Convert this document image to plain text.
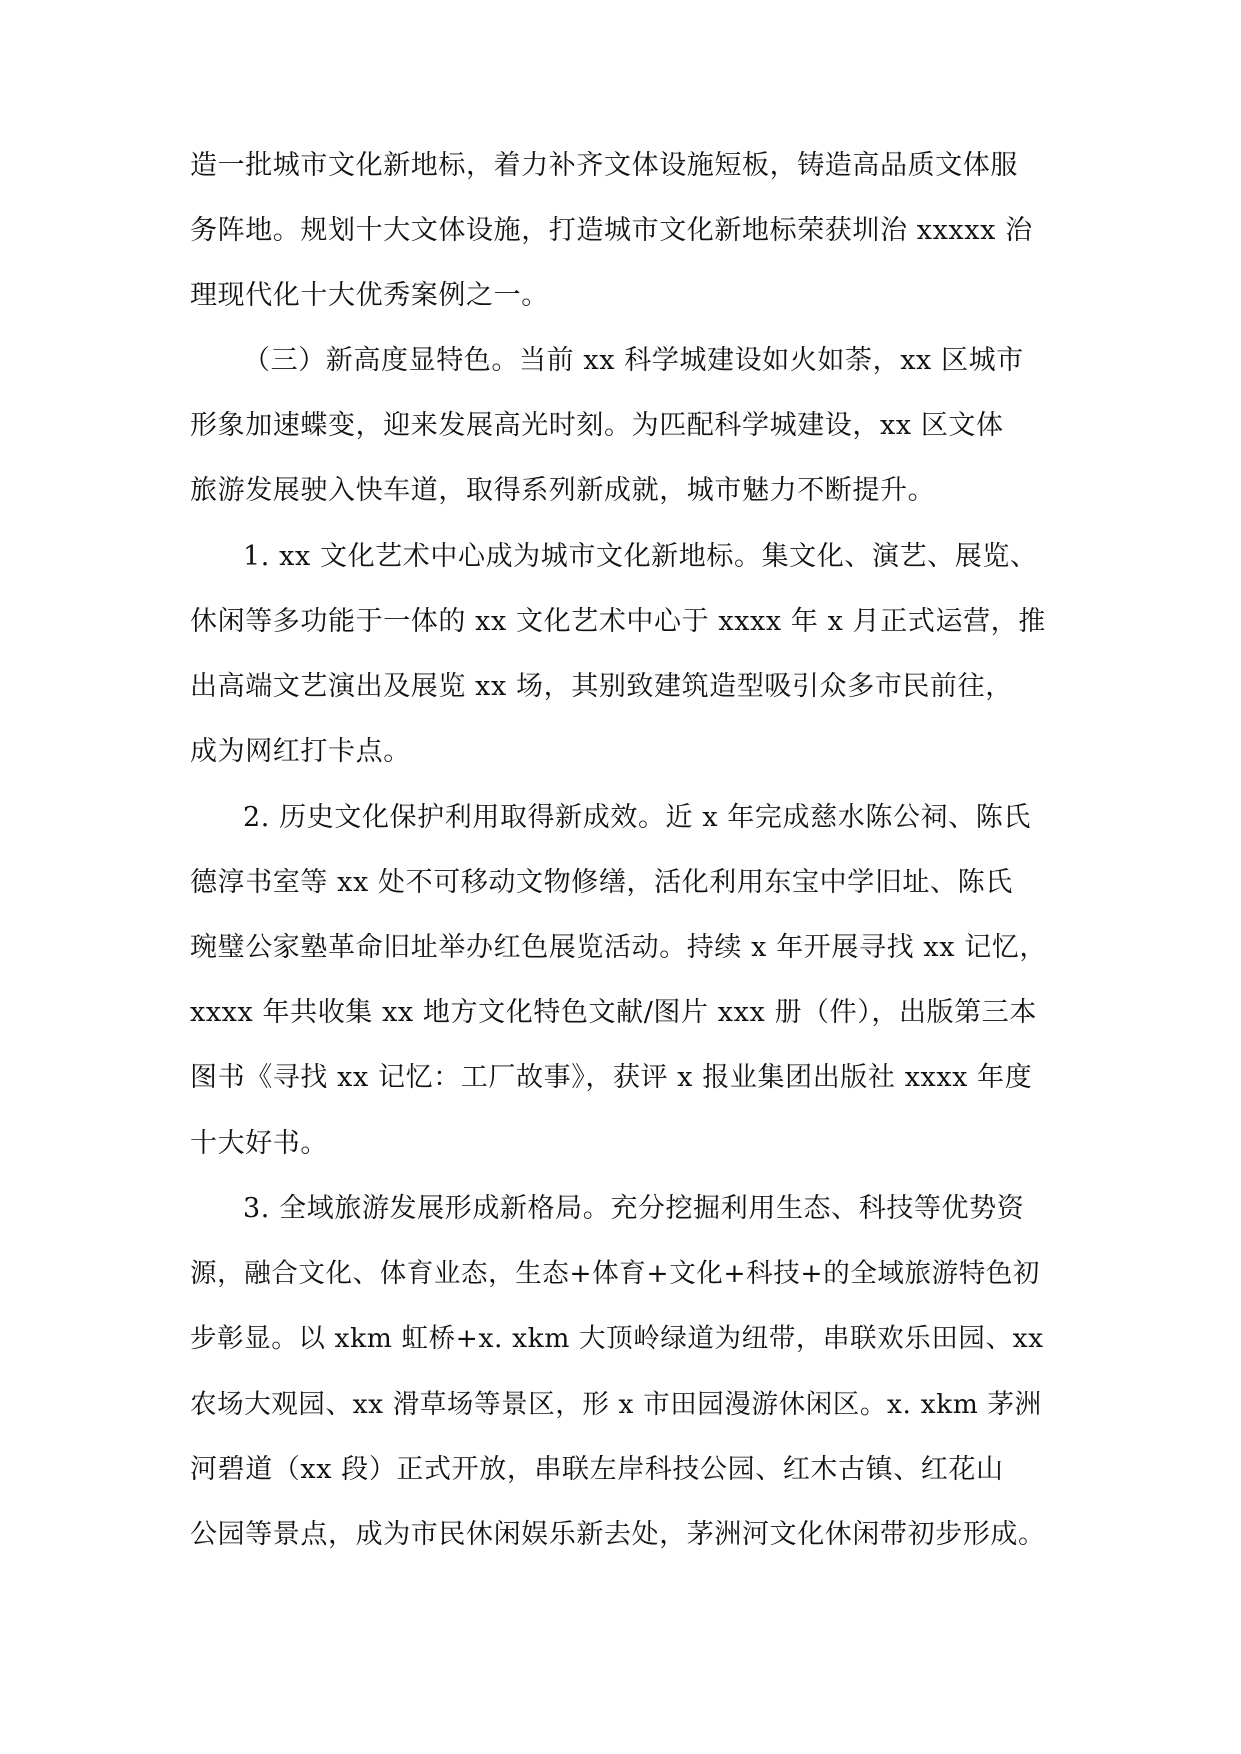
造一批城市文化新地标，着力补齐文体设施短板，铸造高品质文体服
务阵地。规划十大文体设施，打造城市文化新地标荣获圳治 xxxxx 治
理现代化十大优秀案例之一。
（三）新高度显特色。当前 xx 科学城建设如火如荼，xx 区城市
形象加速蝶变，迎来发展高光时刻。为匹配科学城建设，xx 区文体
旅游发展驶入快车道，取得系列新成就，城市魅力不断提升。
1. xx 文化艺术中心成为城市文化新地标。集文化、演艺、展览、
休闲等多功能于一体的 xx 文化艺术中心于 xxxx 年 x 月正式运营，推
出高端文艺演出及展览 xx 场，其别致建筑造型吸引众多市民前往，
成为网红打卡点。
2. 历史文化保护利用取得新成效。近 x 年完成慈水陈公祠、陈氏
德淳书室等 xx 处不可移动文物修缮，活化利用东宝中学旧址、陈氏
琬璧公家塾革命旧址举办红色展览活动。持续 x 年开展寻找 xx 记忆，
xxxx 年共收集 xx 地方文化特色文献/图片 xxx 册（件），出版第三本
图书《寻找 xx 记忆：工厂故事》，获评 x 报业集团出版社 xxxx 年度
十大好书。
3. 全域旅游发展形成新格局。充分挖掘利用生态、科技等优势资
源，融合文化、体育业态，生态+体育+文化+科技+的全域旅游特色初
步彰显。以 xkm 虹桥+x. xkm 大顶岭绿道为纽带，串联欢乐田园、xx
农场大观园、xx 滑草场等景区，形 x 市田园漫游休闲区。x. xkm 茅洲
河碧道（xx 段）正式开放，串联左岸科技公园、红木古镇、红花山
公园等景点，成为市民休闲娱乐新去处，茅洲河文化休闲带初步形成。
